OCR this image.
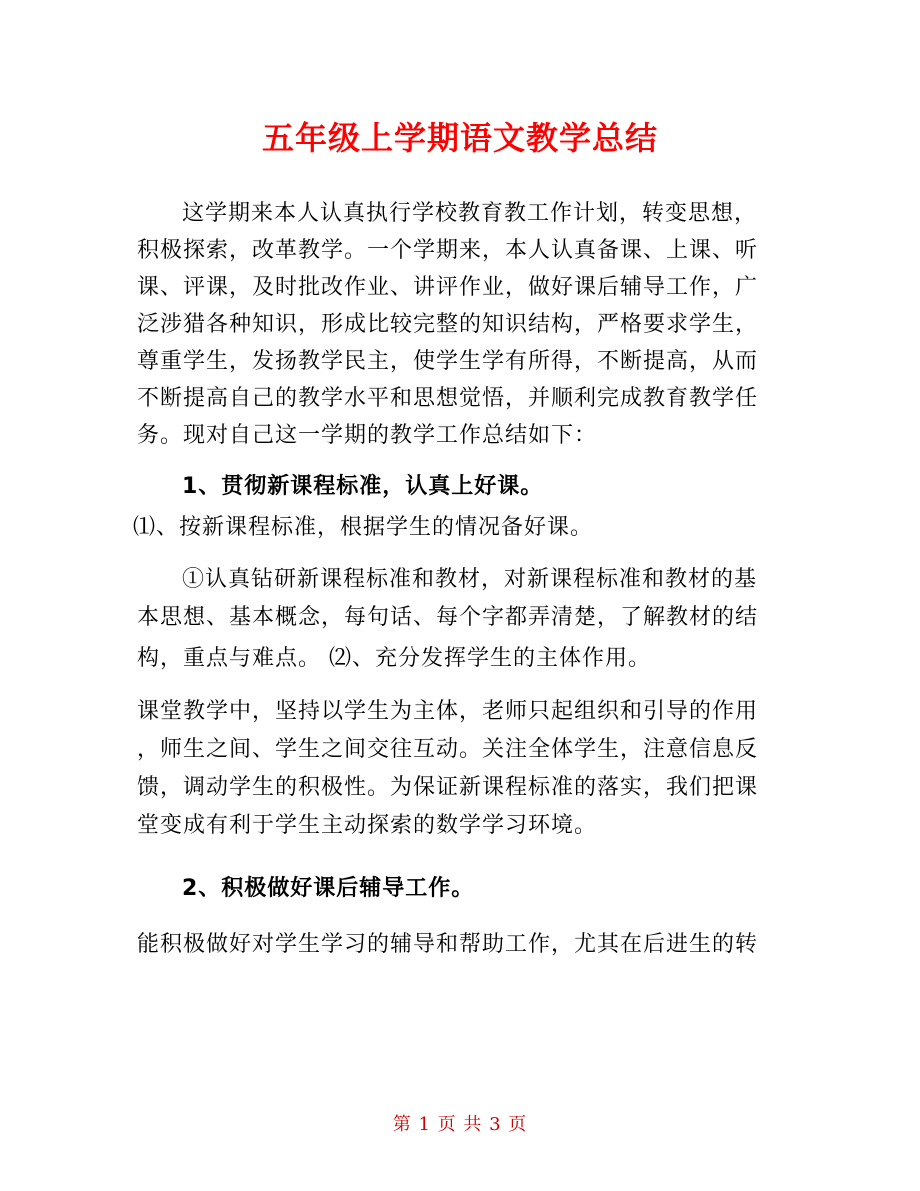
五年级上学期语文教学总结
这学期来本人认真执行学校教育教工作计划，转变思想，
积极探索，改革教学。一个学期来，本人认真备课、上课、听
课、评课，及时批改作业、讲评作业，做好课后辅导工作，广
泛涉猎各种知识，形成比较完整的知识结构，严格要求学生，
尊重学生，发扬教学民主，使学生学有所得，不断提高，从而
不断提高自己的教学水平和思想觉悟，并顺利完成教育教学任
务。现对自己这一学期的教学工作总结如下：
1、贯彻新课程标准，认真上好课。
⑴、按新课程标准，根据学生的情况备好课。
①认真钻研新课程标准和教材，对新课程标准和教材的基
本思想、基本概念，每句话、每个字都弄清楚，了解教材的结
构，重点与难点。 ⑵、充分发挥学生的主体作用。
课堂教学中，坚持以学生为主体，老师只起组织和引导的作用
，师生之间、学生之间交往互动。关注全体学生，注意信息反
馈，调动学生的积极性。为保证新课程标准的落实，我们把课
堂变成有利于学生主动探索的数学学习环境。
2、积极做好课后辅导工作。
能积极做好对学生学习的辅导和帮助工作，尤其在后进生的转
第 1 页 共 3 页
